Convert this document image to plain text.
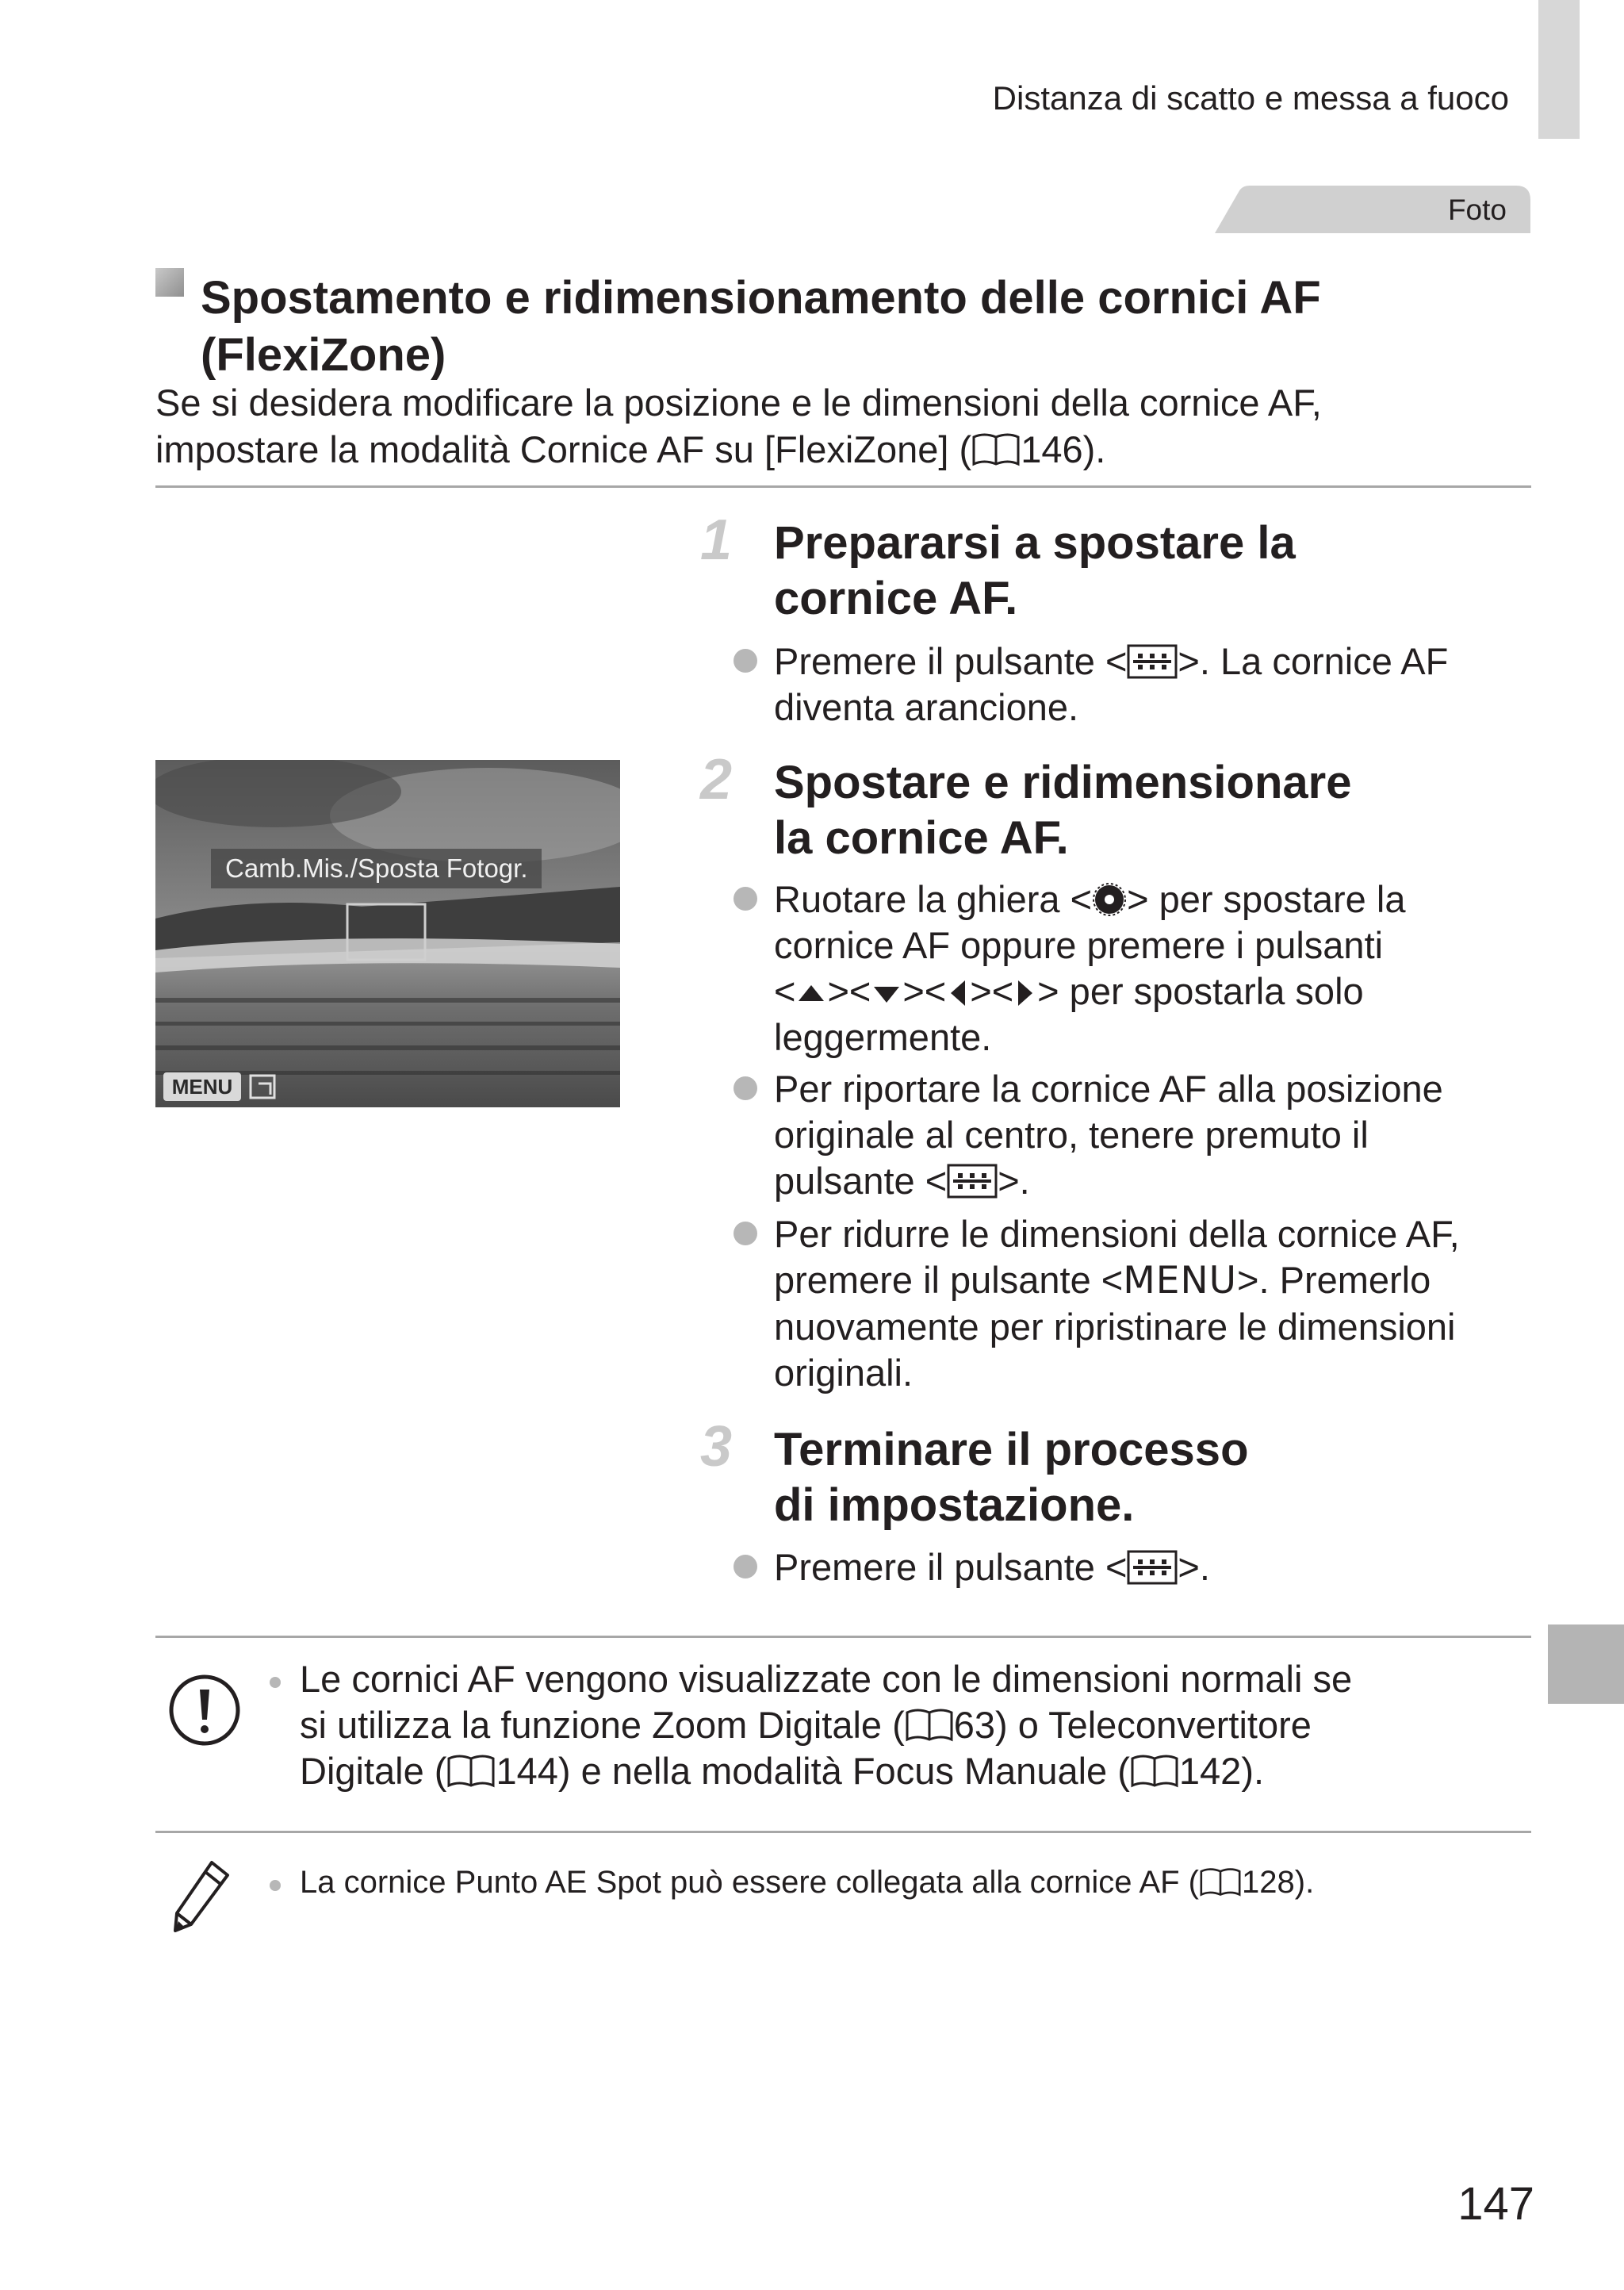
Distanza di scatto e messa a fuoco
Foto
Spostamento e ridimensionamento delle cornici AF
(FlexiZone)
Se si desidera modificare la posizione e le dimensioni della cornice AF,
impostare la modalità Cornice AF su [FlexiZone] ( 146).
MENU
Camb.Mis./Sposta Fotogr.
1 Prepararsi a spostare la
cornice AF.
Premere il pulsante < >. La cornice AF
diventa arancione.
2 Spostare e ridimensionare
la cornice AF.
Ruotare la ghiera < > per spostare la
cornice AF oppure premere i pulsanti
< >< >< >< > per spostarla solo
leggermente.
Per riportare la cornice AF alla posizione
originale al centro, tenere premuto il
pulsante < >.
Per ridurre le dimensioni della cornice AF,
premere il pulsante <MENU>. Premerlo
nuovamente per ripristinare le dimensioni
originali.
3 Terminare il processo
di impostazione.
Premere il pulsante < >.
Le cornici AF vengono visualizzate con le dimensioni normali se
si utilizza la funzione Zoom Digitale ( 63) o Teleconvertitore
Digitale ( 144) e nella modalità Focus Manuale ( 142).
La cornice Punto AE Spot può essere collegata alla cornice AF ( 128).
147
